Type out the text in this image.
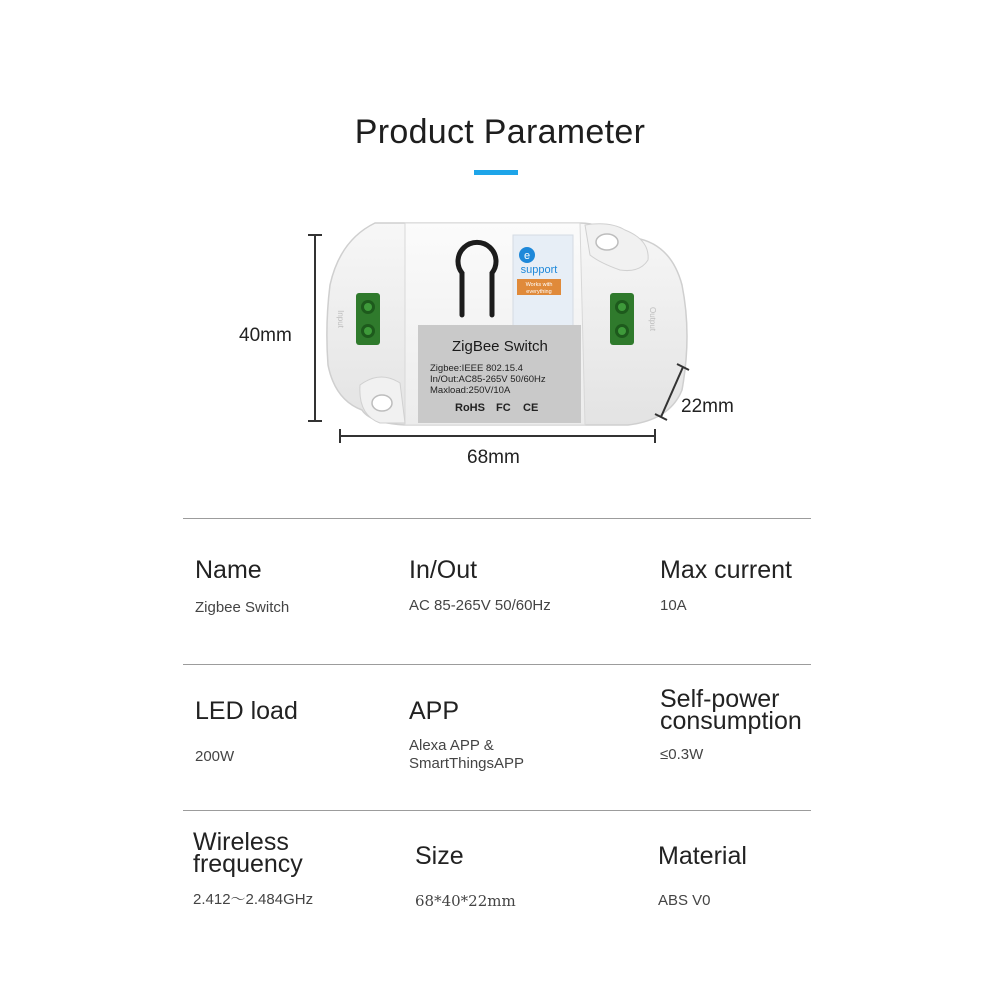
Product Parameter
e
support
Works with
everything
ZigBee Switch
Zigbee:IEEE 802.15.4
In/Out:AC85-265V 50/60Hz
Maxload:250V/10A
RoHS FC CE
Input	Output
40mm
68mm
22mm
Name
Zigbee Switch
In/Out
AC 85-265V 50/60Hz
Max current
10A
LED load
200W
APP
Alexa APP &
SmartThingsAPP
Self-power
consumption
≤0.3W
Wireless
frequency
2.412～2.484GHz
Size
68*40*22mm
Material
ABS V0
